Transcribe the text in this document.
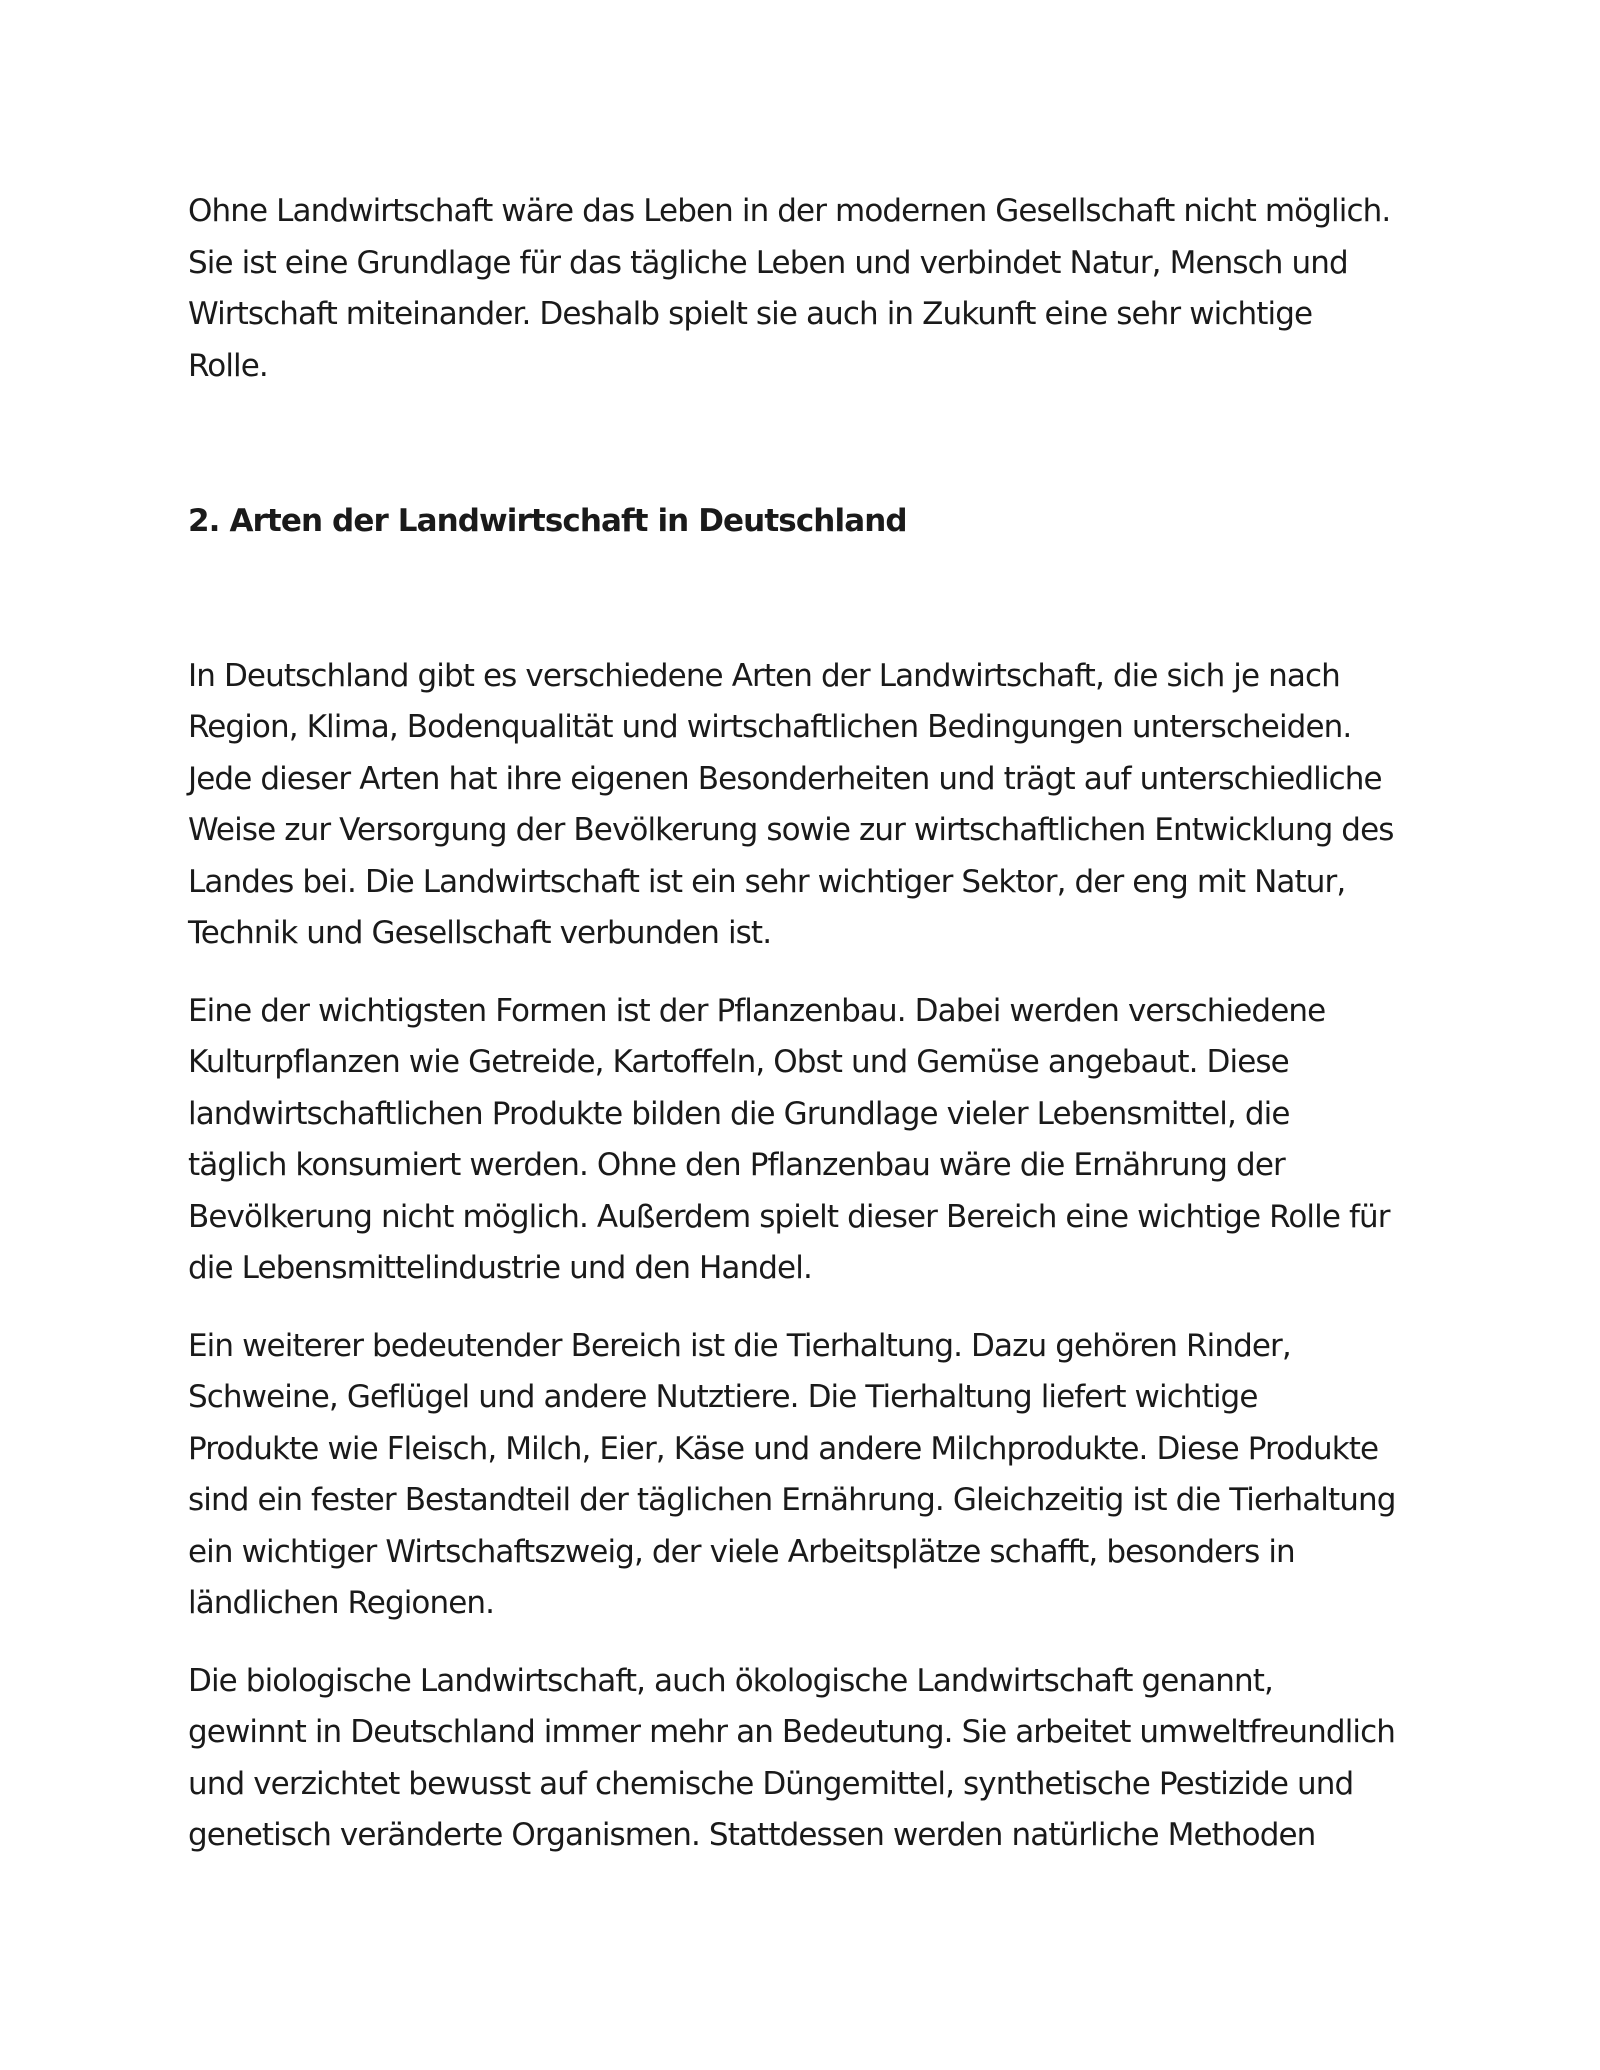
Ohne Landwirtschaft wäre das Leben in der modernen Gesellschaft nicht möglich.
Sie ist eine Grundlage für das tägliche Leben und verbindet Natur, Mensch und
Wirtschaft miteinander. Deshalb spielt sie auch in Zukunft eine sehr wichtige
Rolle.

2. Arten der Landwirtschaft in Deutschland

In Deutschland gibt es verschiedene Arten der Landwirtschaft, die sich je nach
Region, Klima, Bodenqualität und wirtschaftlichen Bedingungen unterscheiden.
Jede dieser Arten hat ihre eigenen Besonderheiten und trägt auf unterschiedliche
Weise zur Versorgung der Bevölkerung sowie zur wirtschaftlichen Entwicklung des
Landes bei. Die Landwirtschaft ist ein sehr wichtiger Sektor, der eng mit Natur,
Technik und Gesellschaft verbunden ist.

Eine der wichtigsten Formen ist der Pflanzenbau. Dabei werden verschiedene
Kulturpflanzen wie Getreide, Kartoffeln, Obst und Gemüse angebaut. Diese
landwirtschaftlichen Produkte bilden die Grundlage vieler Lebensmittel, die
täglich konsumiert werden. Ohne den Pflanzenbau wäre die Ernährung der
Bevölkerung nicht möglich. Außerdem spielt dieser Bereich eine wichtige Rolle für
die Lebensmittelindustrie und den Handel.

Ein weiterer bedeutender Bereich ist die Tierhaltung. Dazu gehören Rinder,
Schweine, Geflügel und andere Nutztiere. Die Tierhaltung liefert wichtige
Produkte wie Fleisch, Milch, Eier, Käse und andere Milchprodukte. Diese Produkte
sind ein fester Bestandteil der täglichen Ernährung. Gleichzeitig ist die Tierhaltung
ein wichtiger Wirtschaftszweig, der viele Arbeitsplätze schafft, besonders in
ländlichen Regionen.

Die biologische Landwirtschaft, auch ökologische Landwirtschaft genannt,
gewinnt in Deutschland immer mehr an Bedeutung. Sie arbeitet umweltfreundlich
und verzichtet bewusst auf chemische Düngemittel, synthetische Pestizide und
genetisch veränderte Organismen. Stattdessen werden natürliche Methoden
